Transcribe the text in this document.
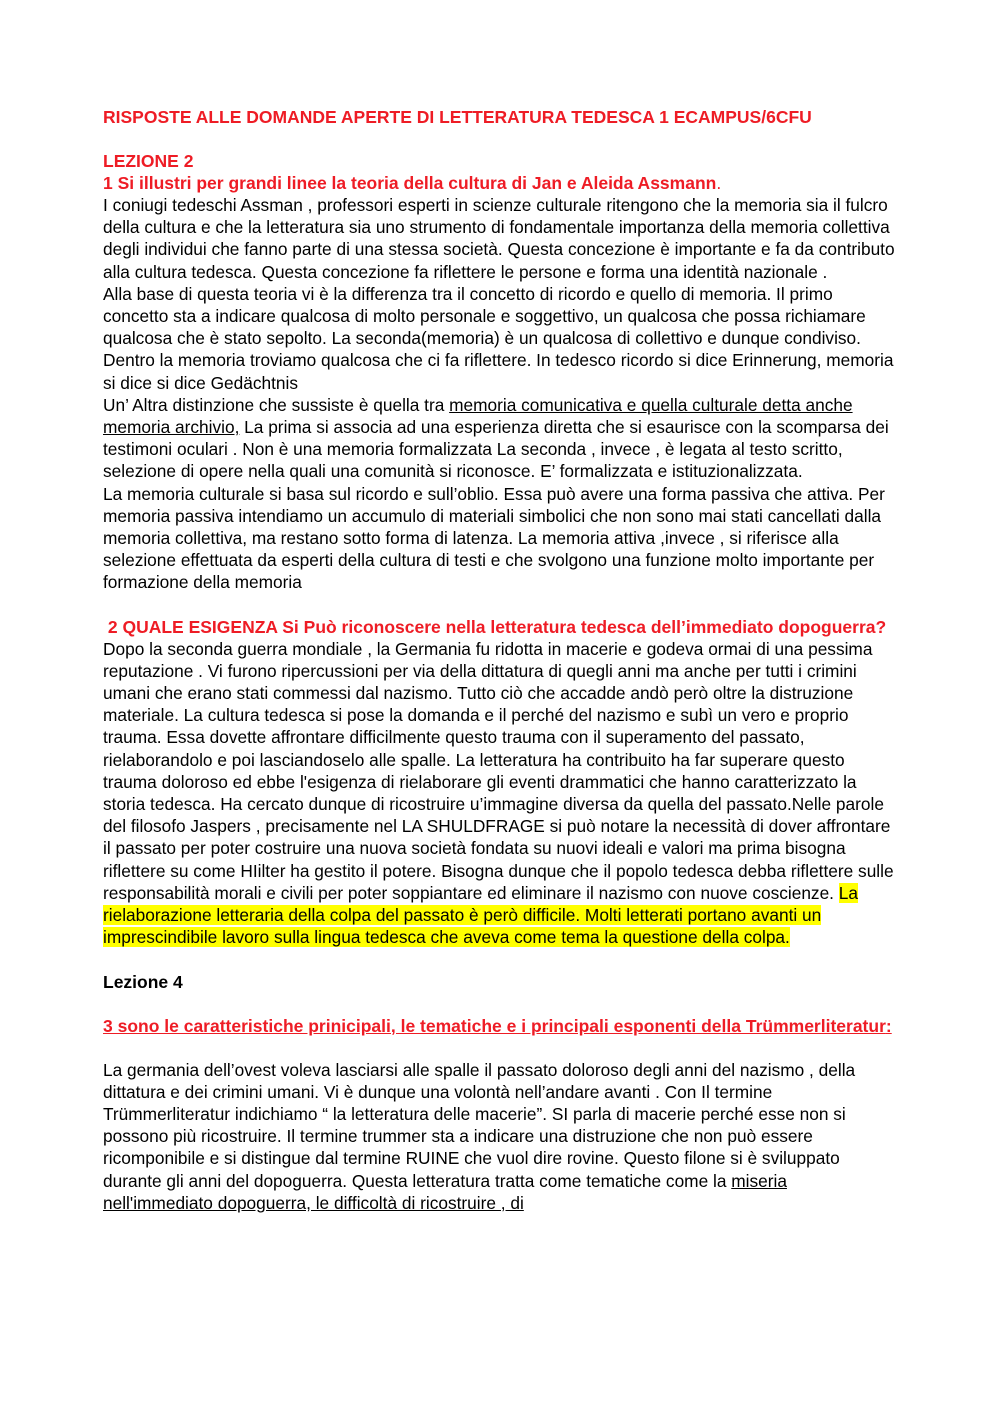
RISPOSTE ALLE DOMANDE APERTE DI LETTERATURA TEDESCA 1 ECAMPUS/6CFU

LEZIONE 2

1 Si illustri per grandi linee la teoria della cultura di Jan e Aleida Assmann.

I coniugi tedeschi Assman , professori esperti in scienze culturale ritengono che la memoria sia il fulcro della cultura e che la letteratura sia uno strumento di fondamentale importanza della memoria collettiva degli individui che fanno parte di una stessa società. Questa concezione è importante e fa da contributo alla cultura tedesca. Questa concezione fa riflettere le persone e forma una identità nazionale .

Alla base di questa teoria vi è la differenza tra il concetto di ricordo e quello di memoria. Il primo concetto sta a indicare qualcosa di molto personale e soggettivo, un qualcosa che possa richiamare qualcosa che è stato sepolto. La seconda(memoria) è un qualcosa di collettivo e dunque condiviso. Dentro la memoria troviamo qualcosa che ci fa riflettere. In tedesco ricordo si dice Erinnerung, memoria si dice si dice Gedächtnis

Un’ Altra distinzione che sussiste è quella tra memoria comunicativa e quella culturale detta anche memoria archivio, La prima si associa ad una esperienza diretta che si esaurisce con la scomparsa dei testimoni oculari . Non è una memoria formalizzata La seconda , invece , è legata al testo scritto, selezione di opere nella quali una comunità si riconosce. E’ formalizzata e istituzionalizzata.

La memoria culturale si basa sul ricordo e sull’oblio. Essa può avere una forma passiva che attiva. Per memoria passiva intendiamo un accumulo di materiali simbolici che non sono mai stati cancellati dalla memoria collettiva, ma restano sotto forma di latenza. La memoria attiva ,invece , si riferisce alla selezione effettuata da esperti della cultura di testi e che svolgono una funzione molto importante per formazione della memoria

2 QUALE ESIGENZA Si Può riconoscere nella letteratura tedesca dell’immediato dopoguerra?

Dopo la seconda guerra mondiale , la Germania fu ridotta in macerie e godeva ormai di una pessima reputazione . Vi furono ripercussioni per via della dittatura di quegli anni ma anche per tutti i crimini umani che erano stati commessi dal nazismo. Tutto ciò che accadde andò però oltre la distruzione materiale. La cultura tedesca si pose la domanda e il perché del nazismo e subì un vero e proprio trauma. Essa dovette affrontare difficilmente questo trauma con il superamento del passato, rielaborandolo e poi lasciandoselo alle spalle. La letteratura ha contribuito ha far superare questo trauma doloroso ed ebbe l'esigenza di rielaborare gli eventi drammatici che hanno caratterizzato la storia tedesca. Ha cercato dunque di ricostruire u’immagine diversa da quella del passato.Nelle parole del filosofo Jaspers , precisamente nel LA SHULDFRAGE si può notare la necessità di dover affrontare il passato per poter costruire una nuova società fondata su nuovi ideali e valori ma prima bisogna riflettere su come HIilter ha gestito il potere. Bisogna dunque che il popolo tedesca debba riflettere sulle responsabilità morali e civili per poter soppiantare ed eliminare il nazismo con nuove coscienze. La rielaborazione letteraria della colpa del passato è però difficile. Molti letterati portano avanti un imprescindibile lavoro sulla lingua tedesca che aveva come tema la questione della colpa.

Lezione 4

3 sono le caratteristiche prinicipali, le tematiche e i principali esponenti della Trümmerliteratur:

La germania dell’ovest voleva lasciarsi alle spalle il passato doloroso degli anni del nazismo , della dittatura e dei crimini umani. Vi è dunque una volontà nell’andare avanti . Con Il termine Trümmerliteratur indichiamo “ la letteratura delle macerie”. SI parla di macerie perché esse non si possono più ricostruire. Il termine trummer sta a indicare una distruzione che non può essere ricomponibile e si distingue dal termine RUINE che vuol dire rovine. Questo filone si è sviluppato durante gli anni del dopoguerra. Questa letteratura tratta come tematiche come la miseria nell'immediato dopoguerra, le difficoltà di ricostruire , di
